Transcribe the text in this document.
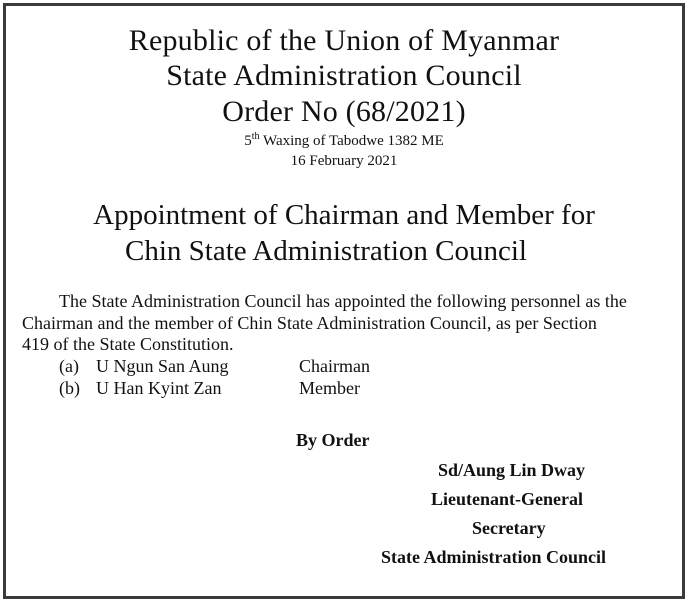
Republic of the Union of Myanmar
State Administration Council
Order No (68/2021)
5th Waxing of Tabodwe 1382 ME
16 February 2021
Appointment of Chairman and Member for
Chin State Administration Council
The State Administration Council has appointed the following personnel as the
Chairman and the member of Chin State Administration Council, as per Section
419 of the State Constitution.
(a) U Ngun San Aung	Chairman
(b) U Han Kyint Zan	Member
By Order
Sd/Aung Lin Dway
Lieutenant-General
Secretary
State Administration Council
